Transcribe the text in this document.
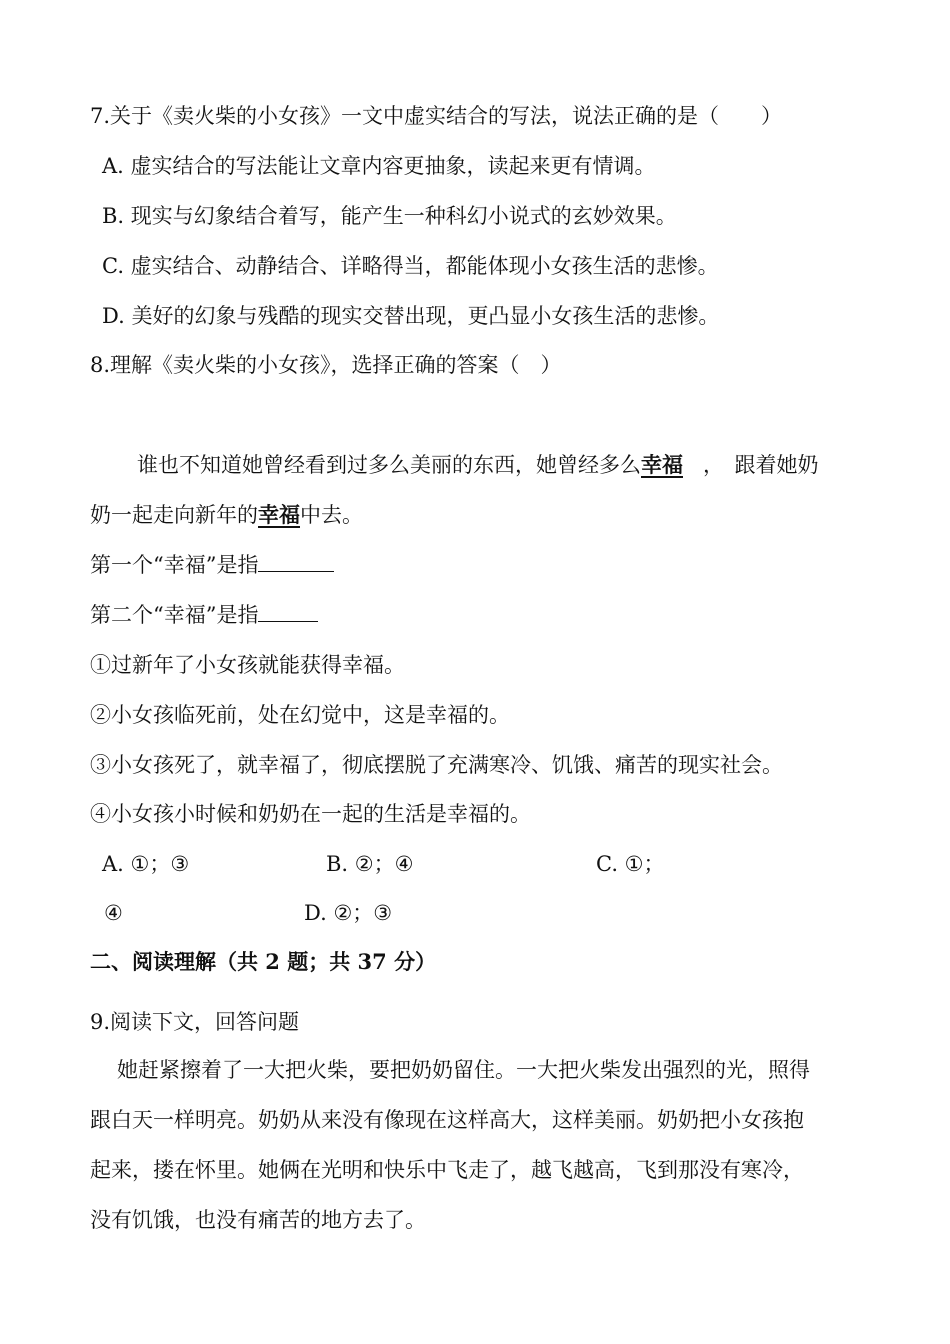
7.关于《卖火柴的小女孩》一文中虚实结合的写法，说法正确的是（　　）
A. 虚实结合的写法能让文章内容更抽象，读起来更有情调。
B. 现实与幻象结合着写，能产生一种科幻小说式的玄妙效果。
C. 虚实结合、动静结合、详略得当，都能体现小女孩生活的悲惨。
D. 美好的幻象与残酷的现实交替出现，更凸显小女孩生活的悲惨。
8.理解《卖火柴的小女孩》，选择正确的答案（　）
谁也不知道她曾经看到过多么美丽的东西，她曾经多么幸福 ，　跟着她奶
奶一起走向新年的幸福中去。
第一个“幸福”是指
第二个“幸福”是指
①过新年了小女孩就能获得幸福。
②小女孩临死前，处在幻觉中，这是幸福的。
③小女孩死了，就幸福了，彻底摆脱了充满寒冷、饥饿、痛苦的现实社会。
④小女孩小时候和奶奶在一起的生活是幸福的。
A. ①；③	B. ②；④	C. ①；
④	D. ②；③
二、阅读理解（共 2 题；共 37 分）
9.阅读下文，回答问题
她赶紧擦着了一大把火柴，要把奶奶留住。一大把火柴发出强烈的光，照得
跟白天一样明亮。奶奶从来没有像现在这样高大，这样美丽。奶奶把小女孩抱
起来，搂在怀里。她俩在光明和快乐中飞走了，越飞越高，飞到那没有寒冷，
没有饥饿，也没有痛苦的地方去了。
